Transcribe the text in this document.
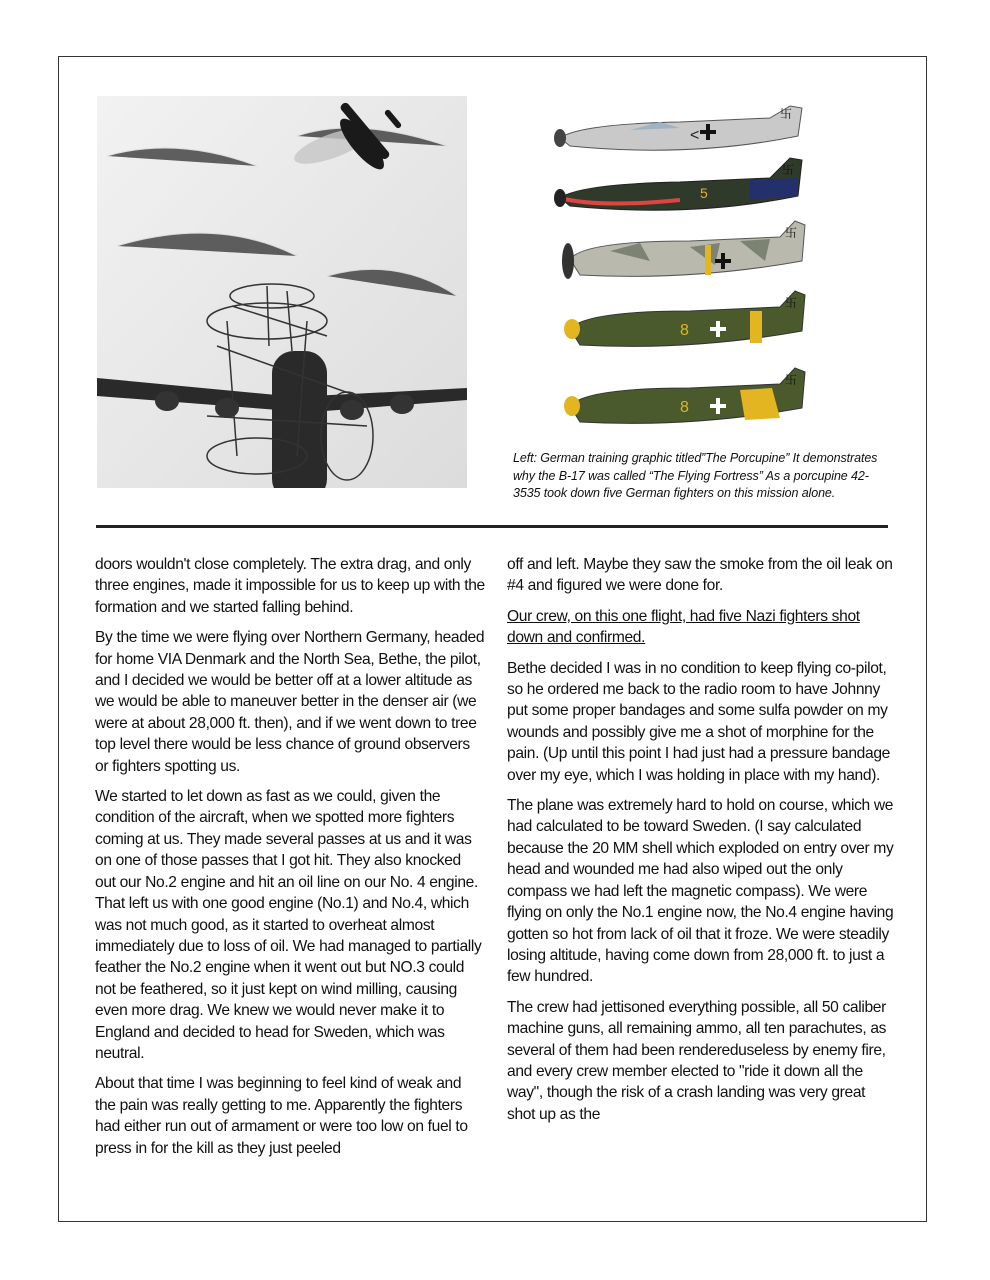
<
卐
5
卐
卐
8
卐
8
卐
Left: German training graphic titled”The Porcupine” It demonstrates why the B-17 was called “The Flying Fortress” As a porcupine 42-3535 took down five German fighters on this mission alone.

doors wouldn't close completely. The extra drag, and only three engines, made it impossible for us to keep up with the formation and we started falling behind.

By the time we were flying over Northern Germany, headed for home VIA Denmark and the North Sea, Bethe, the pilot, and I decided we would be better off at a lower altitude as we would be able to maneuver better in the denser air (we were at about 28,000 ft. then), and if we went down to tree top level there would be less chance of ground observers or fighters spotting us.

We started to let down as fast as we could, given the condition of the aircraft, when we spotted more fighters coming at us. They made several passes at us and it was on one of those passes that I got hit. They also knocked out our No.2 engine and hit an oil line on our No. 4 engine. That left us with one good engine (No.1) and No.4, which was not much good, as it started to overheat almost immediately due to loss of oil. We had managed to partially feather the No.2 engine when it went out but NO.3 could not be feathered, so it just kept on wind milling, causing even more drag. We knew we would never make it to England and decided to head for Sweden, which was neutral.

About that time I was beginning to feel kind of weak and the pain was really getting to me. Apparently the fighters had either run out of armament or were too low on fuel to press in for the kill as they just peeled

off and left. Maybe they saw the smoke from the oil leak on #4 and figured we were done for.

Our crew, on this one flight, had five Nazi fighters shot down and confirmed.

Bethe decided I was in no condition to keep flying co-pilot, so he ordered me back to the radio room to have Johnny put some proper bandages and some sulfa powder on my wounds and possibly give me a shot of morphine for the pain. (Up until this point I had just had a pressure bandage over my eye, which I was holding in place with my hand).

The plane was extremely hard to hold on course, which we had calculated to be toward Sweden. (I say calculated because the 20 MM shell which exploded on entry over my head and wounded me had also wiped out the only compass we had left the magnetic compass). We were flying on only the No.1 engine now, the No.4 engine having gotten so hot from lack of oil that it froze. We were steadily losing altitude, having come down from 28,000 ft. to just a few hundred.

The crew had jettisoned everything possible, all 50 caliber machine guns, all remaining ammo, all ten parachutes, as several of them had been rendereduseless by enemy fire, and every crew member elected to "ride it down all the way", though the risk of a crash landing was very great shot up as the
